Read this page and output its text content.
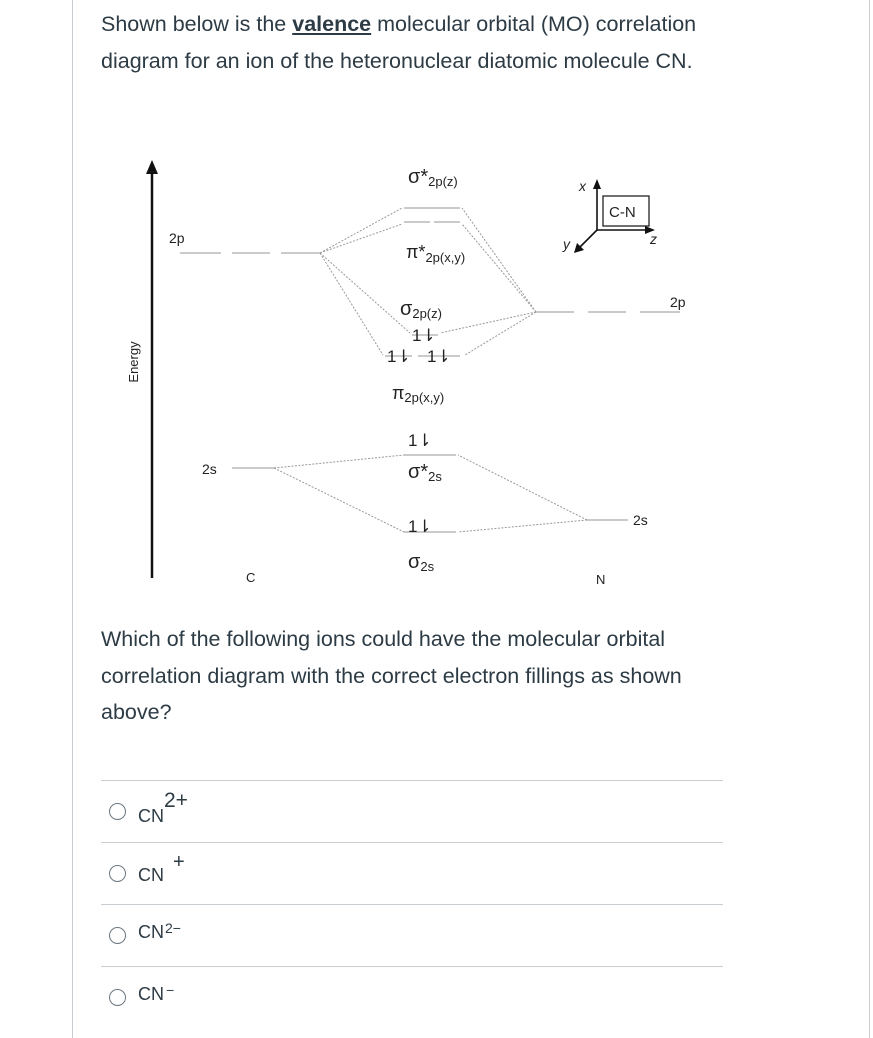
Shown below is the valence molecular orbital (MO) correlation diagram for an ion of the heteronuclear diatomic molecule CN.

Energy
2p
2s
C
2p
2s
N
σ*2p(z)
$\pi*_{2p(x,y)}$
σ2p(z)
π2p(x,y)
σ*2s
σ2s
1⇂
1⇂ 1⇂
1⇂
1⇂
x
y	z
C-N

Which of the following ions could have the molecular orbital correlation diagram with the correct electron fillings as shown above?

CN
2+
CN
+
CN 2−
CN −
